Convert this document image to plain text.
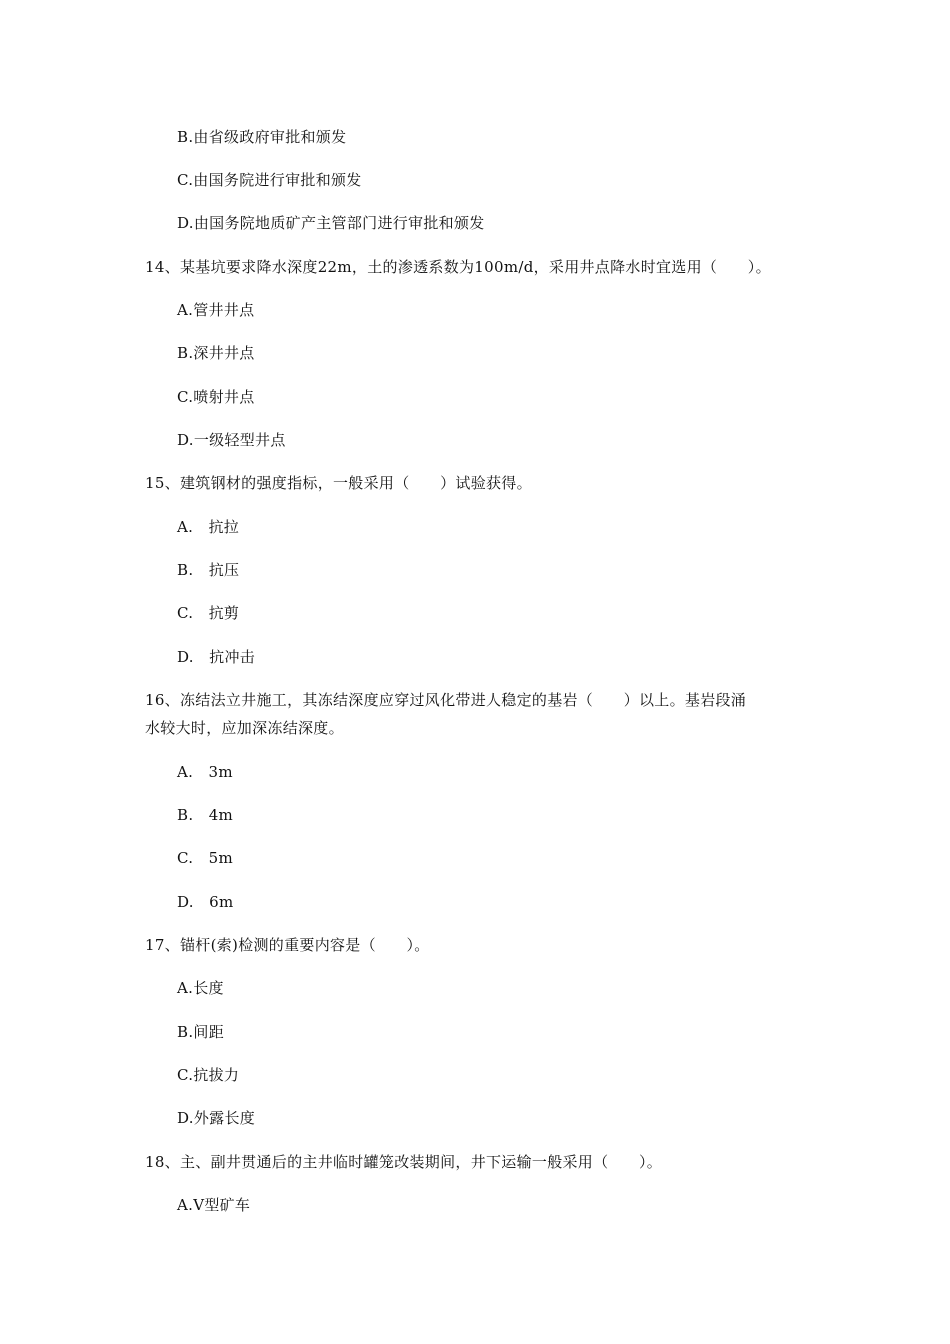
B.由省级政府审批和颁发
C.由国务院进行审批和颁发
D.由国务院地质矿产主管部门进行审批和颁发
14、某基坑要求降水深度22m，土的渗透系数为100m/d，采用井点降水时宜选用（　　）。
A.管井井点
B.深井井点
C.喷射井点
D.一级轻型井点
15、建筑钢材的强度指标，一般采用（　　）试验获得。
A.　抗拉
B.　抗压
C.　抗剪
D.　抗冲击
16、冻结法立井施工，其冻结深度应穿过风化带进人稳定的基岩（　　）以上。基岩段涌
水较大时，应加深冻结深度。
A.　3m
B.　4m
C.　5m
D.　6m
17、锚杆(索)检测的重要内容是（　　）。
A.长度
B.间距
C.抗拔力
D.外露长度
18、主、副井贯通后的主井临时罐笼改装期间，井下运输一般采用（　　）。
A.V型矿车
